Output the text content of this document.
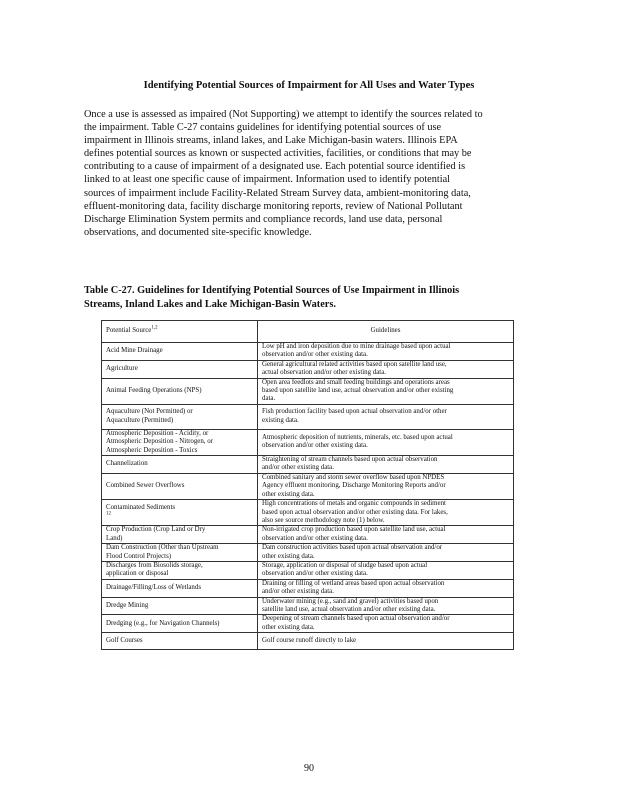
Identifying Potential Sources of Impairment for All Uses and Water Types
Once a use is assessed as impaired (Not Supporting) we attempt to identify the sources related to
the impairment. Table C-27 contains guidelines for identifying potential sources of use
impairment in Illinois streams, inland lakes, and Lake Michigan-basin waters. Illinois EPA
defines potential sources as known or suspected activities, facilities, or conditions that may be
contributing to a cause of impairment of a designated use. Each potential source identified is
linked to at least one specific cause of impairment. Information used to identify potential
sources of impairment include Facility-Related Stream Survey data, ambient-monitoring data,
effluent-monitoring data, facility discharge monitoring reports, review of National Pollutant
Discharge Elimination System permits and compliance records, land use data, personal
observations, and documented site-specific knowledge.
Table C-27. Guidelines for Identifying Potential Sources of Use Impairment in Illinois
Streams, Inland Lakes and Lake Michigan-Basin Waters.
Potential Source$^{1,2}$	Guidelines

Acid Mine Drainage	Low pH and iron deposition due to mine drainage based upon actual
observation and/or other existing data.

Agriculture	General agricultural related activities based upon satellite land use,
actual observation and/or other existing data.

Animal Feeding Operations (NPS)	Open area feedlots and small feeding buildings and operations areas
based upon satellite land use, actual observation and/or other existing
data.

Aquaculture (Not Permitted) or
Aquaculture (Permitted)	Fish production facility based upon actual observation and/or other
existing data.

Atmospheric Deposition - Acidity, or
Atmospheric Deposition - Nitrogen, or
Atmospheric Deposition - Toxics	Atmospheric deposition of nutrients, minerals, etc. based upon actual
observation and/or other existing data.

Channelization	Straightening of stream channels based upon actual observation
and/or other existing data.

Combined Sewer Overflows	Combined sanitary and storm sewer overflow based upon NPDES
Agency effluent monitoring, Discharge Monitoring Reports and/or
other existing data.

Contaminated Sediments
$^{12}$	High concentrations of metals and organic compounds in sediment
based upon actual observation and/or other existing data. For lakes,
also see source methodology note (1) below.

Crop Production (Crop Land or Dry
Land)	Non-irrigated crop production based upon satellite land use, actual
observation and/or other existing data.

Dam Construction (Other than Upstream
Flood Control Projects)	Dam construction activities based upon actual observation and/or
other existing data.

Discharges from Biosolids storage,
application or disposal	Storage, application or disposal of sludge based upon actual
observation and/or other existing data.

Drainage/Filling/Loss of Wetlands	Draining or filling of wetland areas based upon actual observation
and/or other existing data.

Dredge Mining	Underwater mining (e.g., sand and gravel) activities based upon
satellite land use, actual observation and/or other existing data.

Dredging (e.g., for Navigation Channels)	Deepening of stream channels based upon actual observation and/or
other existing data.

Golf Courses	Golf course runoff directly to lake
90
